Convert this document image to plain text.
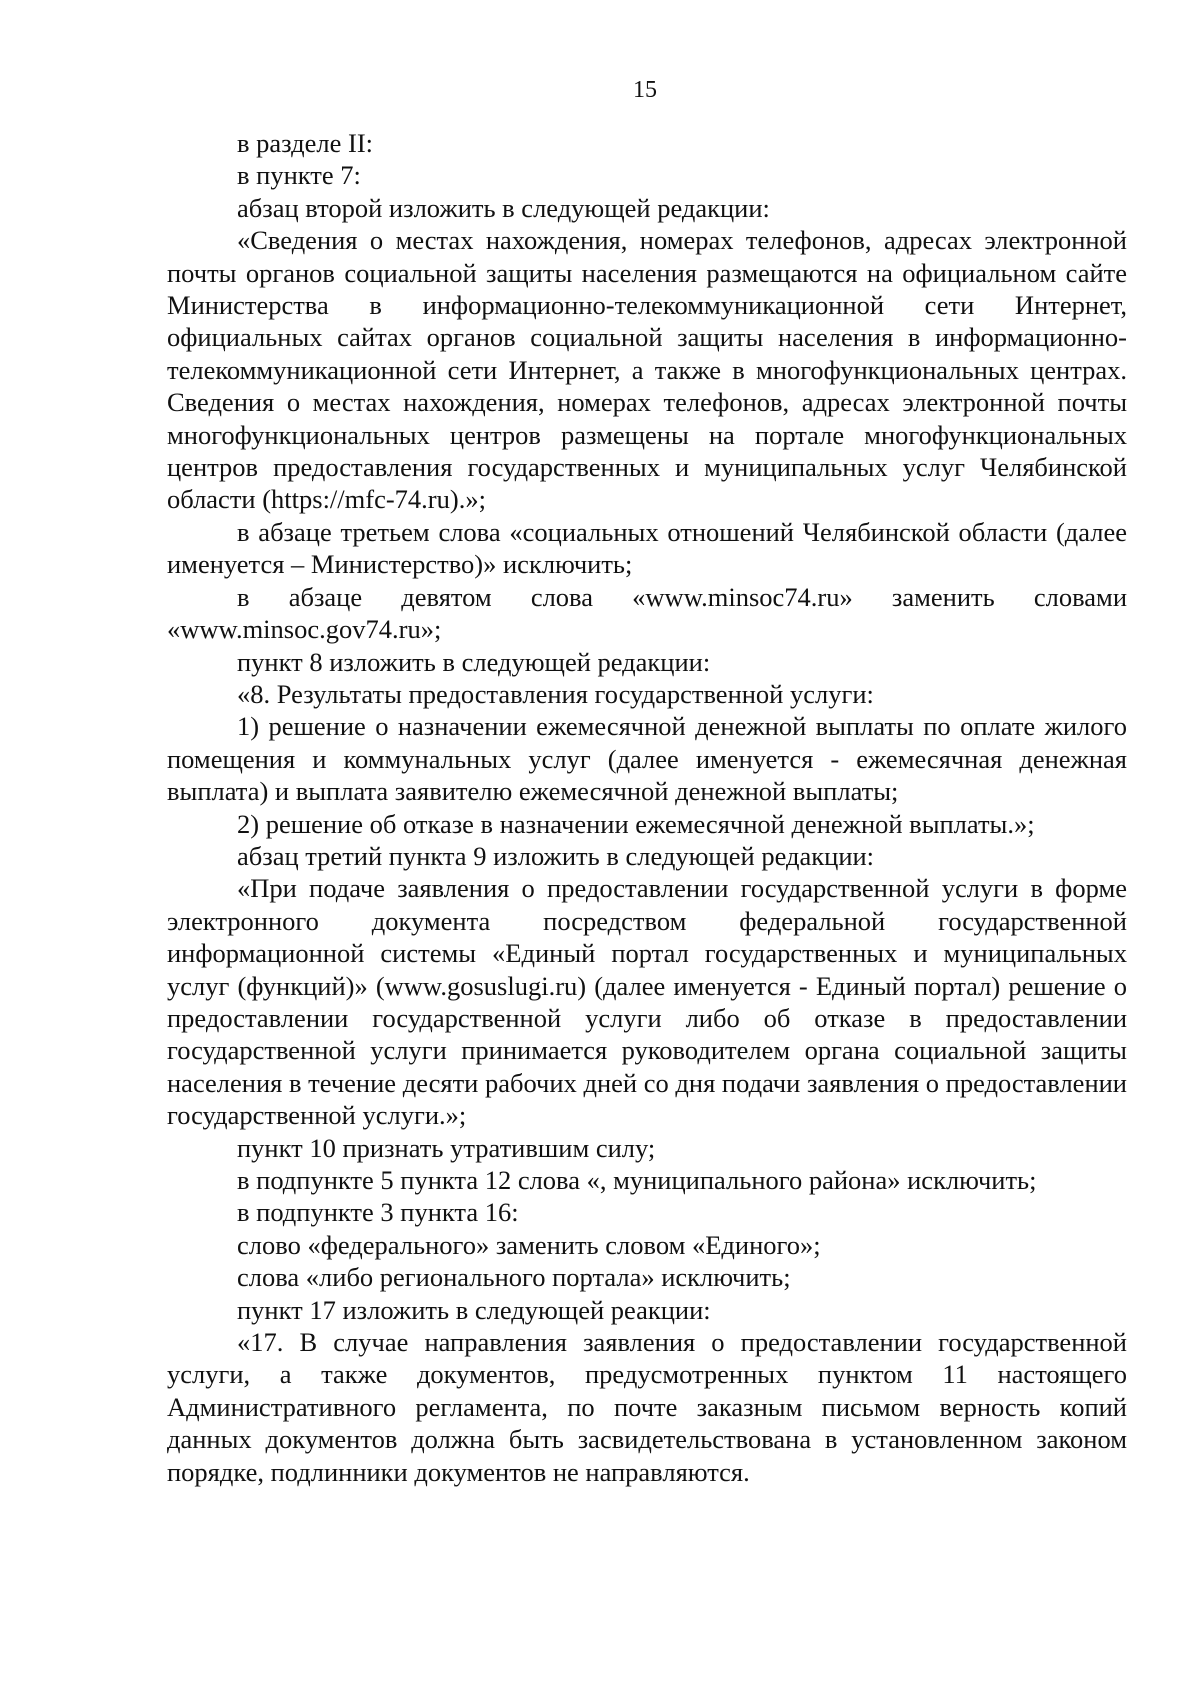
15

в разделе II:

в пункте 7:

абзац второй изложить в следующей редакции:

«Сведения о местах нахождения, номерах телефонов, адресах электронной почты органов социальной защиты населения размещаются на официальном сайте Министерства в информационно-телекоммуникационной сети Интернет, официальных сайтах органов социальной защиты населения в информационно-телекоммуникационной сети Интернет, а также в многофункциональных центрах. Сведения о местах нахождения, номерах телефонов, адресах электронной почты многофункциональных центров размещены на портале многофункциональных центров предоставления государственных и муниципальных услуг Челябинской области (https://mfc-74.ru).»;

в абзаце третьем слова «социальных отношений Челябинской области (далее именуется – Министерство)» исключить;

в абзаце девятом слова «www.minsoc74.ru» заменить словами «www.minsoc.gov74.ru»;

пункт 8 изложить в следующей редакции:

«8. Результаты предоставления государственной услуги:

1) решение о назначении ежемесячной денежной выплаты по оплате жилого помещения и коммунальных услуг (далее именуется - ежемесячная денежная выплата) и выплата заявителю ежемесячной денежной выплаты;

2) решение об отказе в назначении ежемесячной денежной выплаты.»;

абзац третий пункта 9 изложить в следующей редакции:

«При подаче заявления о предоставлении государственной услуги в форме электронного документа посредством федеральной государственной информационной системы «Единый портал государственных и муниципальных услуг (функций)» (www.gosuslugi.ru) (далее именуется - Единый портал) решение о предоставлении государственной услуги либо об отказе в предоставлении государственной услуги принимается руководителем органа социальной защиты населения в течение десяти рабочих дней со дня подачи заявления о предоставлении государственной услуги.»;

пункт 10 признать утратившим силу;

в подпункте 5 пункта 12 слова «, муниципального района» исключить;

в подпункте 3 пункта 16:

слово «федерального» заменить словом «Единого»;

слова «либо регионального портала» исключить;

пункт 17 изложить в следующей реакции:

«17. В случае направления заявления о предоставлении государственной услуги, а также документов, предусмотренных пунктом 11 настоящего Административного регламента, по почте заказным письмом верность копий данных документов должна быть засвидетельствована в установленном законом порядке, подлинники документов не направляются.
